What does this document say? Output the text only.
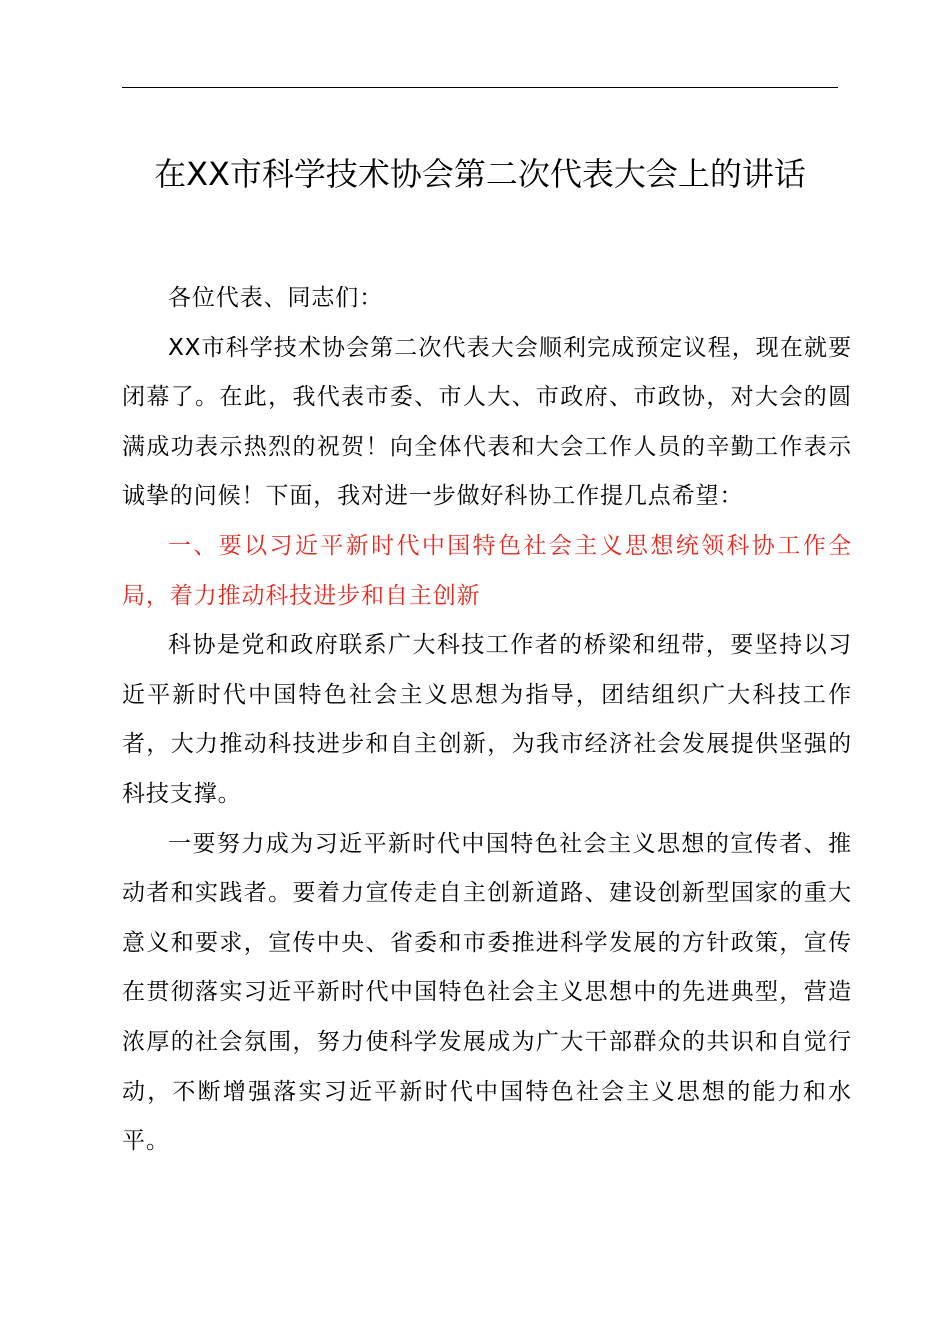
在XX市科学技术协会第二次代表大会上的讲话

各位代表、同志们：

XX市科学技术协会第二次代表大会顺利完成预定议程，现在就要闭幕了。在此，我代表市委、市人大、市政府、市政协，对大会的圆满成功表示热烈的祝贺！向全体代表和大会工作人员的辛勤工作表示诚挚的问候！下面，我对进一步做好科协工作提几点希望：

一、要以习近平新时代中国特色社会主义思想统领科协工作全局，着力推动科技进步和自主创新

科协是党和政府联系广大科技工作者的桥梁和纽带，要坚持以习近平新时代中国特色社会主义思想为指导，团结组织广大科技工作者，大力推动科技进步和自主创新，为我市经济社会发展提供坚强的科技支撑。

一要努力成为习近平新时代中国特色社会主义思想的宣传者、推动者和实践者。要着力宣传走自主创新道路、建设创新型国家的重大意义和要求，宣传中央、省委和市委推进科学发展的方针政策，宣传在贯彻落实习近平新时代中国特色社会主义思想中的先进典型，营造浓厚的社会氛围，努力使科学发展成为广大干部群众的共识和自觉行动，不断增强落实习近平新时代中国特色社会主义思想的能力和水平。
